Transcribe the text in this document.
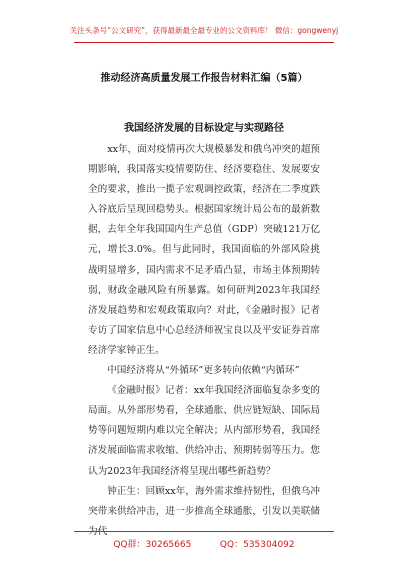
关注头条号“公文研究”，获得最新最全最专业的公文资料库！ 微信：gongwenyj
推动经济高质量发展工作报告材料汇编（5篇）
我国经济发展的目标设定与实现路径

xx年，面对疫情再次大规模暴发和俄乌冲突的超预期影响，我国落实疫情要防住、经济要稳住、发展要安全的要求，推出一揽子宏观调控政策，经济在二季度跌入谷底后呈现回稳势头。根据国家统计局公布的最新数据，去年全年我国国内生产总值（GDP）突破121万亿元，增长3.0%。但与此同时，我国面临的外部风险挑战明显增多，国内需求不足矛盾凸显，市场主体预期转弱，财政金融风险有所暴露。如何研判2023年我国经济发展趋势和宏观政策取向？对此，《金融时报》记者专访了国家信息中心总经济师祝宝良以及平安证券首席经济学家钟正生。

中国经济将从“外循环”更多转向依赖“内循环”

《金融时报》记者：xx年我国经济面临复杂多变的局面。从外部形势看，全球通胀、供应链短缺、国际局势等问题短期内难以完全解决；从内部形势看，我国经济发展面临需求收缩、供给冲击、预期转弱等压力。您认为2023年我国经济将呈现出哪些新趋势？

钟正生：回顾xx年，海外需求维持韧性，但俄乌冲突带来供给冲击，进一步推高全球通胀，引发以美联储为代

QQ群：30265665          QQ：535304092
